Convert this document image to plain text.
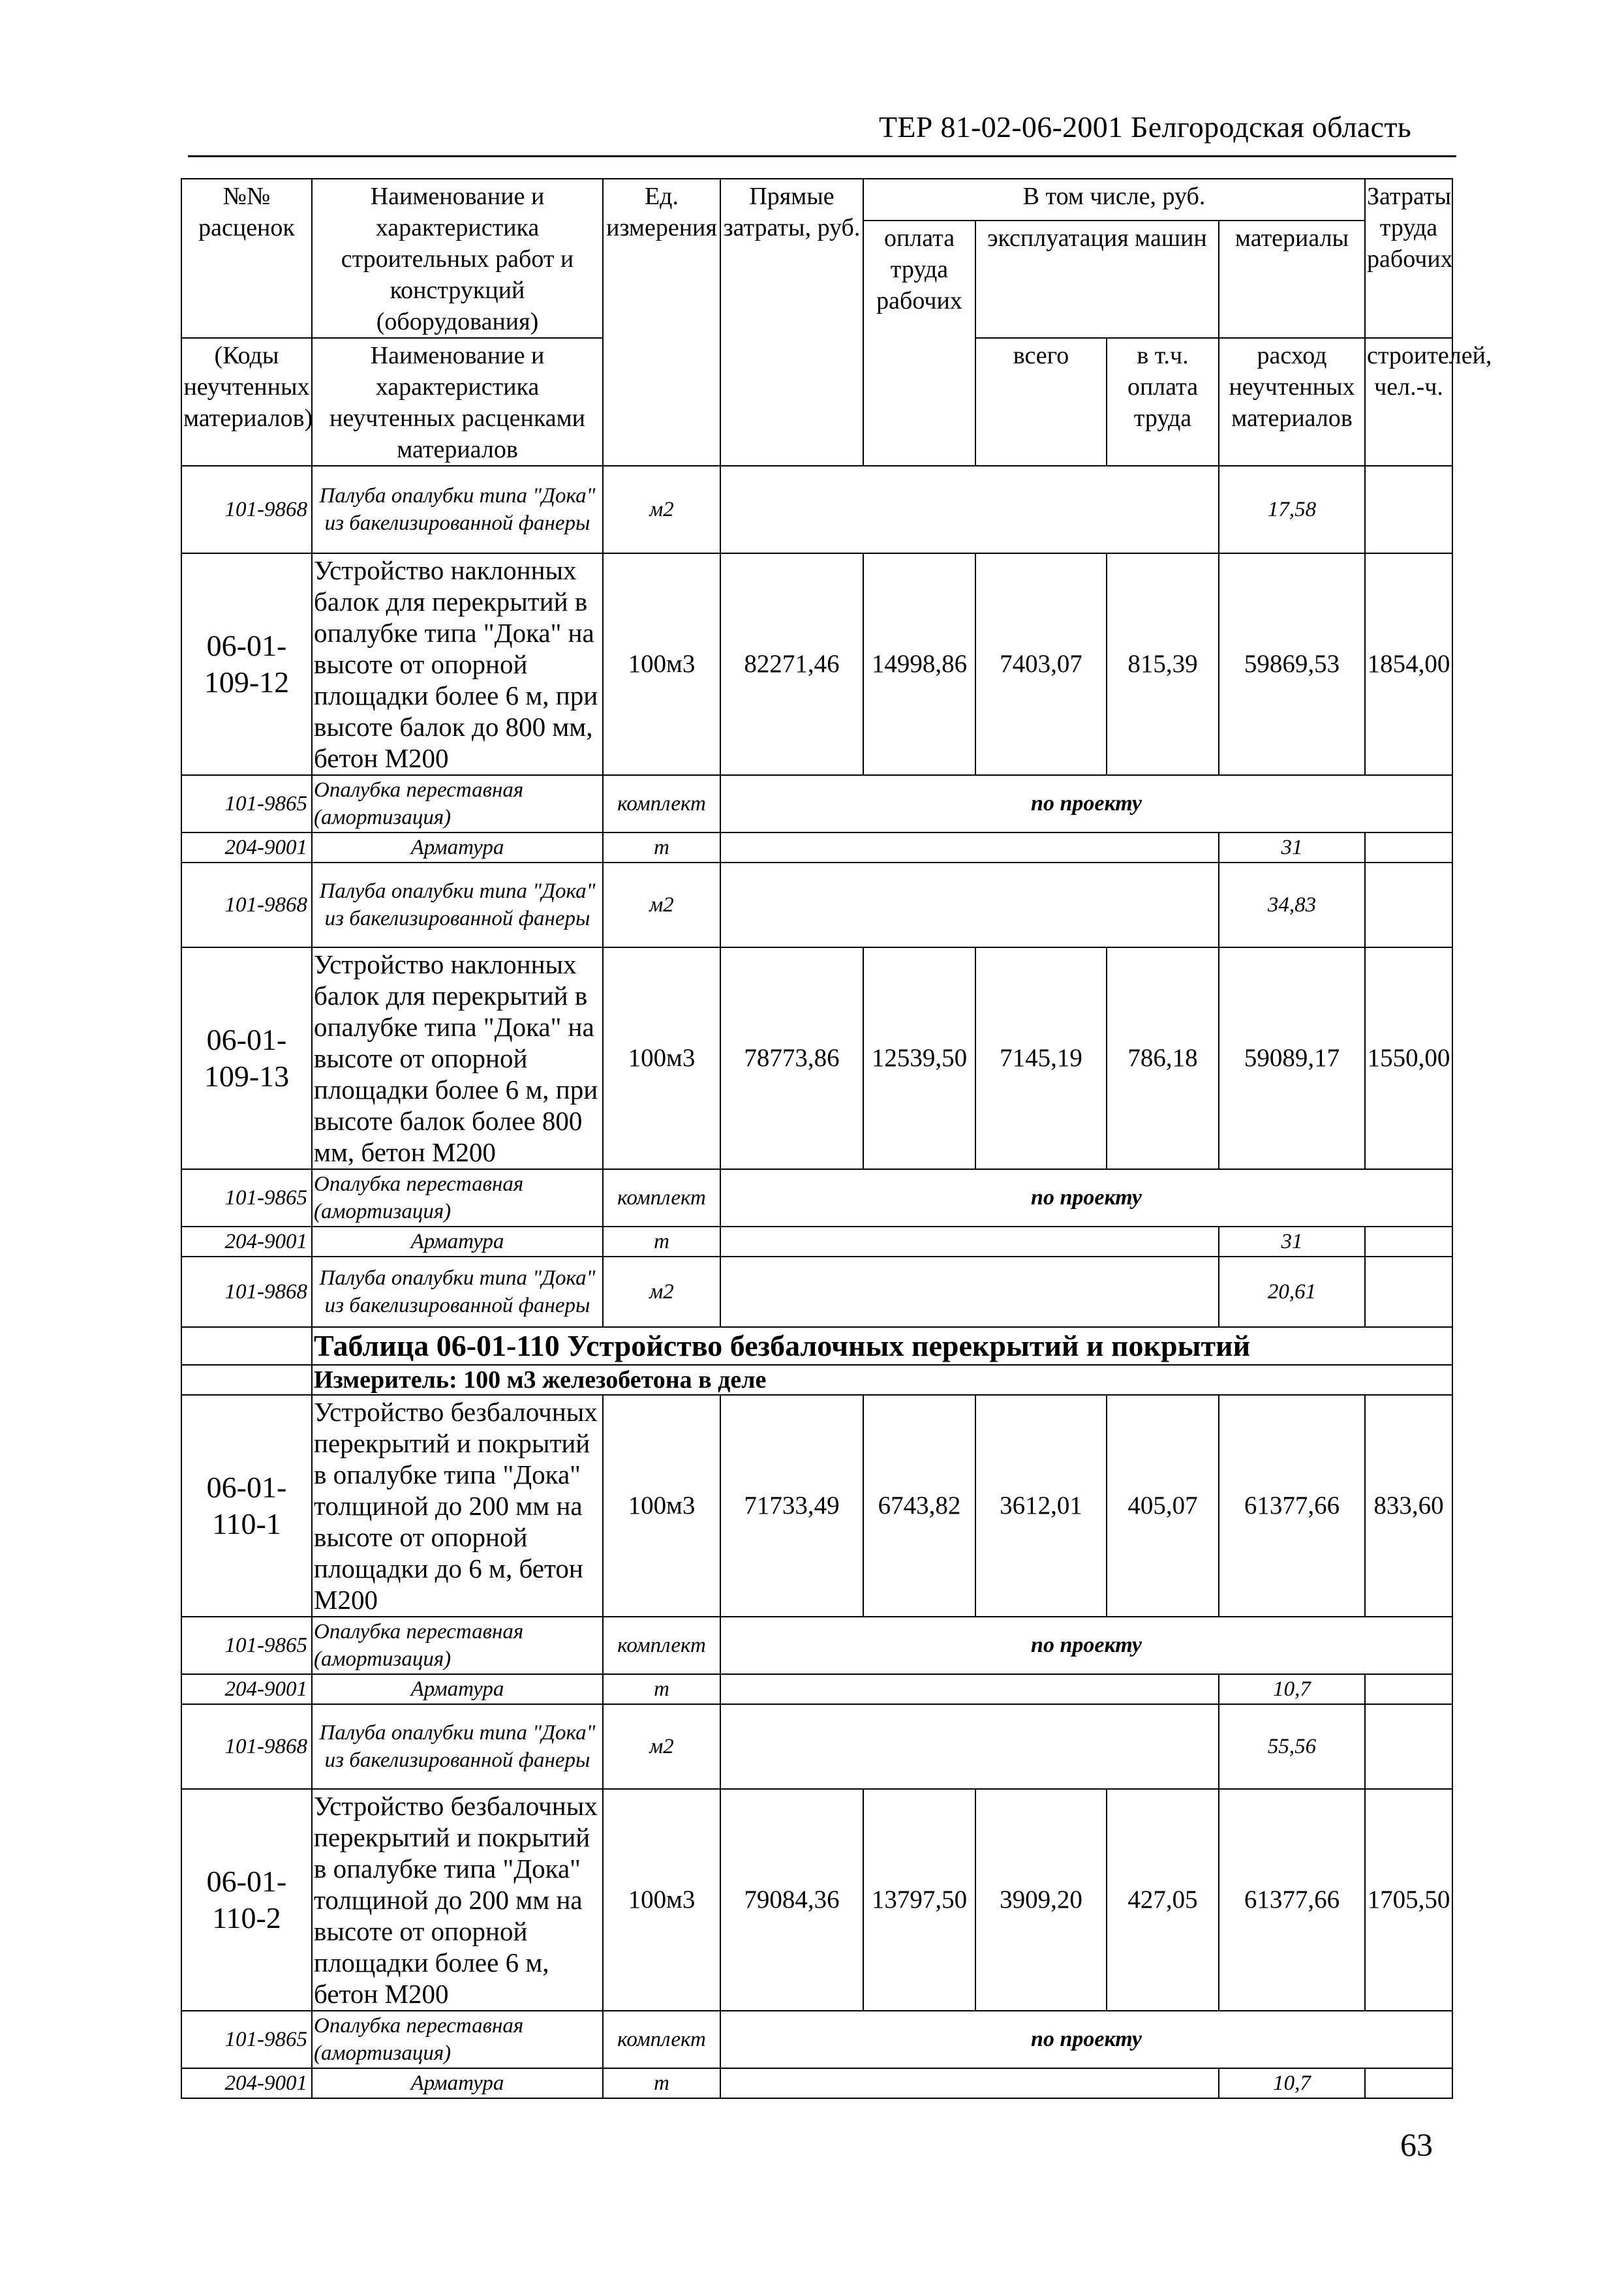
ТЕР 81-02-06-2001 Белгородская область
№№ расценок	Наименование и характеристика строительных работ и конструкций (оборудования)	Ед. измерения	Прямые затраты, руб.	В том числе, руб.				Затраты труда рабочих
				оплата труда рабочих	эксплуатация машин		материалы	
(Коды неучтенных материалов)	Наименование и характеристика неучтенных расценками материалов				всего	в т.ч. оплата труда	расход неучтенных материалов	строителей, чел.-ч.

101-9868	Палуба опалубки типа "Дока" из бакелизированной фанеры	м2					17,58	
06-01-109-12	Устройство наклонных балок для перекрытий в опалубке типа "Дока" на высоте от опорной площадки более 6 м, при высоте балок до 800 мм, бетон М200	100м3	82271,46	14998,86	7403,07	815,39	59869,53	1854,00
101-9865	Опалубка переставная (амортизация)	комплект	по проекту					
204-9001	Арматура	т					31	
101-9868	Палуба опалубки типа "Дока" из бакелизированной фанеры	м2					34,83	
06-01-109-13	Устройство наклонных балок для перекрытий в опалубке типа "Дока" на высоте от опорной площадки более 6 м, при высоте балок более 800 мм, бетон М200	100м3	78773,86	12539,50	7145,19	786,18	59089,17	1550,00
101-9865	Опалубка переставная (амортизация)	комплект	по проекту					
204-9001	Арматура	т					31	
101-9868	Палуба опалубки типа "Дока" из бакелизированной фанеры	м2					20,61	
	Таблица 06-01-110 Устройство безбалочных перекрытий и покрытий							
	Измеритель: 100 м3 железобетона в деле							
06-01-110-1	Устройство безбалочных перекрытий и покрытий в опалубке типа "Дока" толщиной до 200 мм на высоте от опорной площадки до 6 м, бетон М200	100м3	71733,49	6743,82	3612,01	405,07	61377,66	833,60
101-9865	Опалубка переставная (амортизация)	комплект	по проекту					
204-9001	Арматура	т					10,7	
101-9868	Палуба опалубки типа "Дока" из бакелизированной фанеры	м2					55,56	
06-01-110-2	Устройство безбалочных перекрытий и покрытий в опалубке типа "Дока" толщиной до 200 мм на высоте от опорной площадки более 6 м, бетон М200	100м3	79084,36	13797,50	3909,20	427,05	61377,66	1705,50
101-9865	Опалубка переставная (амортизация)	комплект	по проекту					
204-9001	Арматура	т					10,7	
63
